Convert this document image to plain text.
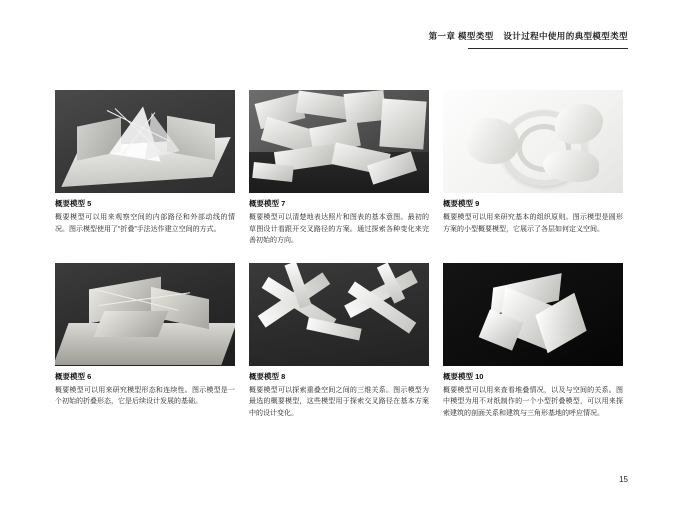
第一章 模型类型 设计过程中使用的典型模型类型
概要模型 5
概要模型可以用来观察空间的内部路径和外部动线的情况。图示模型使用了“折叠”手法达作建立空间的方式。
概要模型 7
概要模型可以清楚地表达照片和图表的基本意图。最初的草图设计看跟开交叉路径的方案。通过探索各种变化来完善初始的方向。
概要模型 9
概要模型可以用来研究基本的组织原则。图示模型是圆形方案的小型概要模型，它展示了各层如何定义空间。
概要模型 6
概要模型可以用来研究模型形态和连续性。图示模型是一个初始的折叠形态，它是后续设计发展的基础。
概要模型 8
概要模型可以探索重叠空间之间的三维关系。图示模型为最选的概要模型，这些模型用于探索交叉路径在基本方案中的设计变化。
概要模型 10
概要模型可以用来查看堆叠情况，以及与空间的关系。图中模型为用不对纸制作的一个小型折叠模型，可以用来探索建筑的剖面关系和建筑与三角形基地的呼应情况。
15
